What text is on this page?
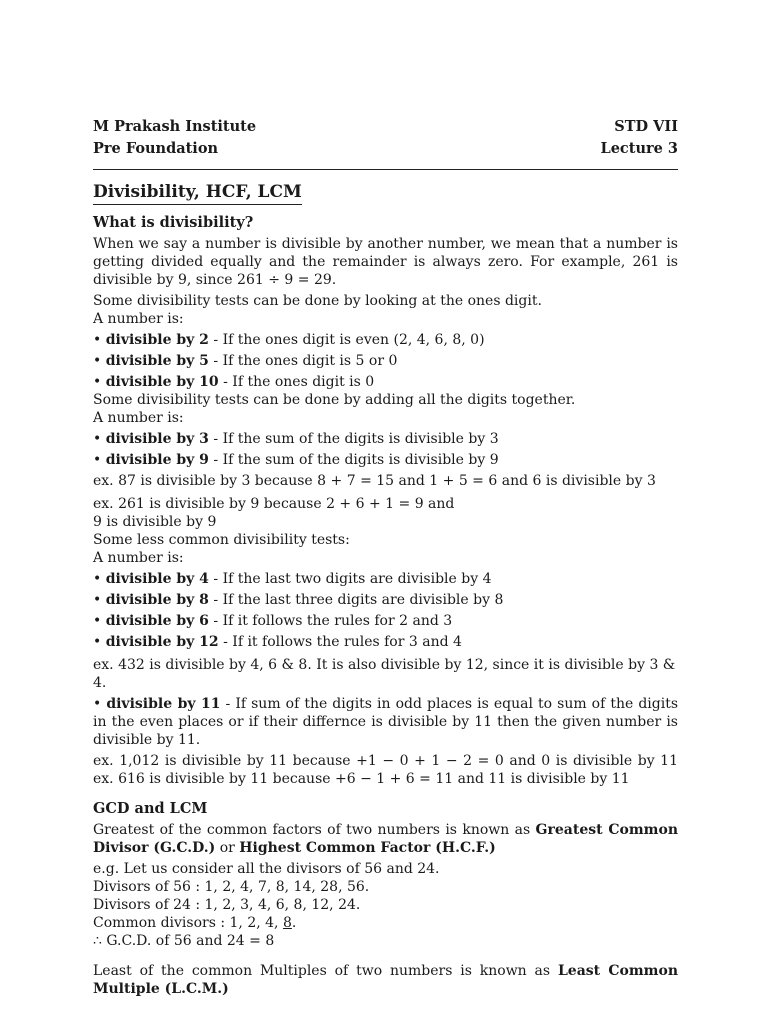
M Prakash Institute	STD VII
Pre Foundation	Lecture 3
Divisibility, HCF, LCM
What is divisibility?

When we say a number is divisible by another number, we mean that a number is getting divided equally and the remainder is always zero. For example, 261 is divisible by 9, since 261 ÷ 9 = 29.

Some divisibility tests can be done by looking at the ones digit.

A number is:

• divisible by 2 - If the ones digit is even (2, 4, 6, 8, 0)
• divisible by 5 - If the ones digit is 5 or 0
• divisible by 10 - If the ones digit is 0

Some divisibility tests can be done by adding all the digits together.

A number is:

• divisible by 3 - If the sum of the digits is divisible by 3
• divisible by 9 - If the sum of the digits is divisible by 9

ex. 87 is divisible by 3 because 8 + 7 = 15 and 1 + 5 = 6 and 6 is divisible by 3

ex. 261 is divisible by 9 because 2 + 6 + 1 = 9 and

9 is divisible by 9

Some less common divisibility tests:

A number is:

• divisible by 4 - If the last two digits are divisible by 4
• divisible by 8 - If the last three digits are divisible by 8
• divisible by 6 - If it follows the rules for 2 and 3
• divisible by 12 - If it follows the rules for 3 and 4

ex. 432 is divisible by 4, 6 & 8. It is also divisible by 12, since it is divisible by 3 & 4.

• divisible by 11 - If sum of the digits in odd places is equal to sum of the digits in the even places or if their differnce is divisible by 11 then the given number is divisible by 11.

ex. 1,012 is divisible by 11 because +1 − 0 + 1 − 2 = 0 and 0 is divisible by 11 ex. 616 is divisible by 11 because +6 − 1 + 6 = 11 and 11 is divisible by 11

GCD and LCM

Greatest of the common factors of two numbers is known as Greatest Common Divisor (G.C.D.) or Highest Common Factor (H.C.F.)

e.g. Let us consider all the divisors of 56 and 24.

Divisors of 56 : 1, 2, 4, 7, 8, 14, 28, 56.

Divisors of 24 : 1, 2, 3, 4, 6, 8, 12, 24.

Common divisors : 1, 2, 4, 8.

∴ G.C.D. of 56 and 24 = 8

Least of the common Multiples of two numbers is known as Least Common Multiple (L.C.M.)
